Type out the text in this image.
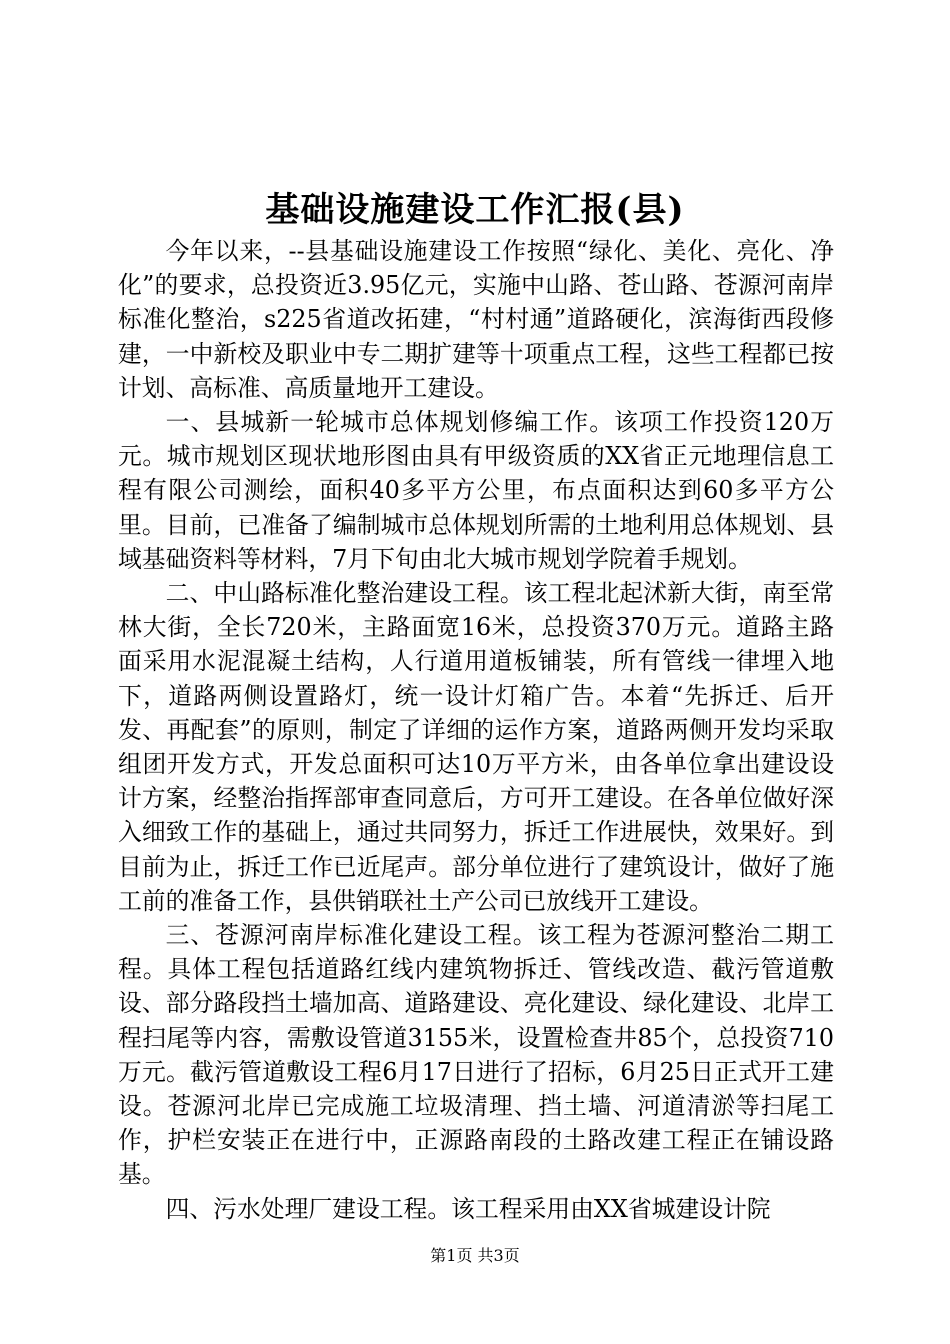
基础设施建设工作汇报(县)

今年以来，--县基础设施建设工作按照“绿化、美化、亮化、净化”的要求，总投资近3.95亿元，实施中山路、苍山路、苍源河南岸标准化整治，s225省道改拓建，“村村通”道路硬化，滨海街西段修建，一中新校及职业中专二期扩建等十项重点工程，这些工程都已按计划、高标准、高质量地开工建设。

一、县城新一轮城市总体规划修编工作。该项工作投资120万元。城市规划区现状地形图由具有甲级资质的XX省正元地理信息工程有限公司测绘，面积40多平方公里，布点面积达到60多平方公里。目前，已准备了编制城市总体规划所需的土地利用总体规划、县域基础资料等材料，7月下旬由北大城市规划学院着手规划。

二、中山路标准化整治建设工程。该工程北起沭新大街，南至常林大街，全长720米，主路面宽16米，总投资370万元。道路主路面采用水泥混凝土结构，人行道用道板铺装，所有管线一律埋入地下，道路两侧设置路灯，统一设计灯箱广告。本着“先拆迁、后开发、再配套”的原则，制定了详细的运作方案，道路两侧开发均采取组团开发方式，开发总面积可达10万平方米，由各单位拿出建设设计方案，经整治指挥部审查同意后，方可开工建设。在各单位做好深入细致工作的基础上，通过共同努力，拆迁工作进展快，效果好。到目前为止，拆迁工作已近尾声。部分单位进行了建筑设计，做好了施工前的准备工作，县供销联社土产公司已放线开工建设。

三、苍源河南岸标准化建设工程。该工程为苍源河整治二期工程。具体工程包括道路红线内建筑物拆迁、管线改造、截污管道敷设、部分路段挡土墙加高、道路建设、亮化建设、绿化建设、北岸工程扫尾等内容，需敷设管道3155米，设置检查井85个，总投资710万元。截污管道敷设工程6月17日进行了招标，6月25日正式开工建设。苍源河北岸已完成施工垃圾清理、挡土墙、河道清淤等扫尾工作，护栏安装正在进行中，正源路南段的土路改建工程正在铺设路基。

四、污水处理厂建设工程。该工程采用由XX省城建设计院

第1页 共3页
